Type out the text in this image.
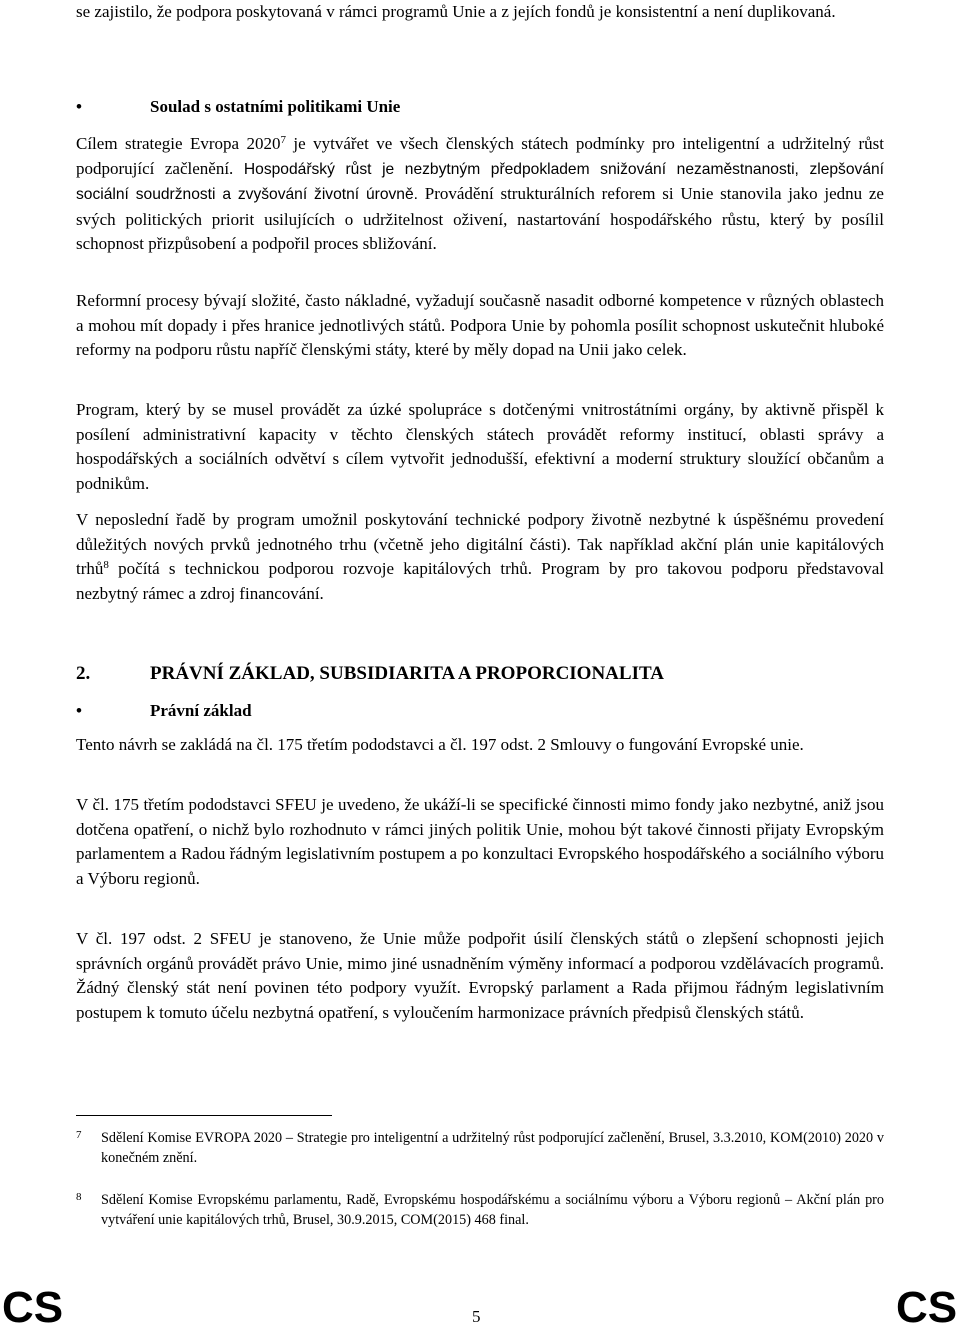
se zajistilo, že podpora poskytovaná v rámci programů Unie a z jejích fondů je konsistentní a není duplikovaná.

•	Soulad s ostatními politikami Unie

Cílem strategie Evropa 2020$^7$ je vytvářet ve všech členských státech podmínky pro inteligentní a udržitelný růst podporující začlenění. Hospodářský růst je nezbytným předpokladem snižování nezaměstnanosti, zlepšování sociální soudržnosti a zvyšování životní úrovně. Provádění strukturálních reforem si Unie stanovila jako jednu ze svých politických priorit usilujících o udržitelnost oživení, nastartování hospodářského růstu, který by posílil schopnost přizpůsobení a podpořil proces sbližování.

Reformní procesy bývají složité, často nákladné, vyžadují současně nasadit odborné kompetence v různých oblastech a mohou mít dopady i přes hranice jednotlivých států. Podpora Unie by pohomla posílit schopnost uskutečnit hluboké reformy na podporu růstu napříč členskými státy, které by měly dopad na Unii jako celek.

Program, který by se musel provádět za úzké spolupráce s dotčenými vnitrostátními orgány, by aktivně přispěl k posílení administrativní kapacity v těchto členských státech provádět reformy institucí, oblasti správy a hospodářských a sociálních odvětví s cílem vytvořit jednodušší, efektivní a moderní struktury sloužící občanům a podnikům.

V neposlední řadě by program umožnil poskytování technické podpory životně nezbytné k úspěšnému provedení důležitých nových prvků jednotného trhu (včetně jeho digitální části). Tak například akční plán unie kapitálových trhů$^8$ počítá s technickou podporou rozvoje kapitálových trhů. Program by pro takovou podporu představoval nezbytný rámec a zdroj financování.

2.	PRÁVNÍ ZÁKLAD, SUBSIDIARITA A PROPORCIONALITA
•	Právní základ

Tento návrh se zakládá na čl. 175 třetím pododstavci a čl. 197 odst. 2 Smlouvy o fungování Evropské unie.

V čl. 175 třetím pododstavci SFEU je uvedeno, že ukáží-li se specifické činnosti mimo fondy jako nezbytné, aniž jsou dotčena opatření, o nichž bylo rozhodnuto v rámci jiných politik Unie, mohou být takové činnosti přijaty Evropským parlamentem a Radou řádným legislativním postupem a po konzultaci Evropského hospodářského a sociálního výboru a Výboru regionů.

V čl. 197 odst. 2 SFEU je stanoveno, že Unie může podpořit úsilí členských států o zlepšení schopnosti jejich správních orgánů provádět právo Unie, mimo jiné usnadněním výměny informací a podporou vzdělávacích programů. Žádný členský stát není povinen této podpory využít. Evropský parlament a Rada přijmou řádným legislativním postupem k tomuto účelu nezbytná opatření, s vyloučením harmonizace právních předpisů členských států.

7 Sdělení Komise EVROPA 2020 – Strategie pro inteligentní a udržitelný růst podporující začlenění, Brusel, 3.3.2010, KOM(2010) 2020 v konečném znění.
8 Sdělení Komise Evropskému parlamentu, Radě, Evropskému hospodářskému a sociálnímu výboru a Výboru regionů – Akční plán pro vytváření unie kapitálových trhů, Brusel, 30.9.2015, COM(2015) 468 final.
CS	5	CS
